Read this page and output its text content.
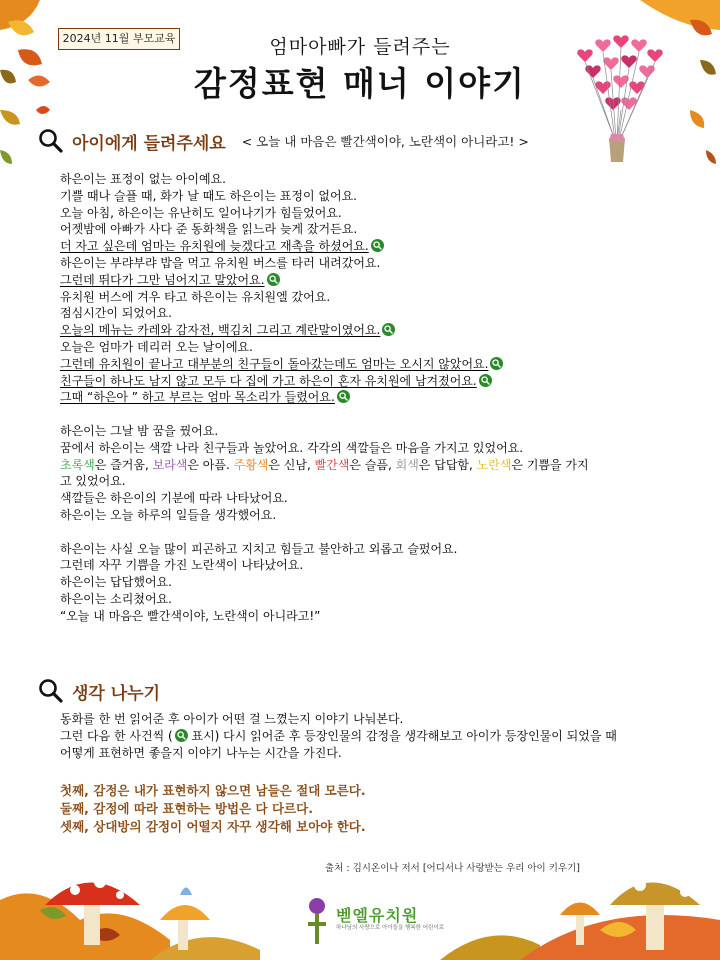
2024년 11월 부모교육	엄마아빠가 들려주는
감정표현 매너 이야기
아이에게 들려주세요 < 오늘 내 마음은 빨간색이야, 노란색이 아니라고! >
하은이는 표정이 없는 아이예요.
기쁠 때나 슬플 때, 화가 날 때도 하은이는 표정이 없어요.
오늘 아침, 하은이는 유난히도 일어나기가 힘들었어요.
어젯밤에 아빠가 사다 준 동화책을 읽느라 늦게 잤거든요.
더 자고 싶은데 엄마는 유치원에 늦겠다고 재촉을 하셨어요.
하은이는 부랴부랴 밥을 먹고 유치원 버스를 타러 내려갔어요.
그런데 뛰다가 그만 넘어지고 말았어요.
유치원 버스에 겨우 타고 하은이는 유치원엘 갔어요.
점심시간이 되었어요.
오늘의 메뉴는 카레와 감자전, 백김치 그리고 계란말이였어요.
오늘은 엄마가 데리러 오는 날이에요.
그런데 유치원이 끝나고 대부분의 친구들이 돌아갔는데도 엄마는 오시지 않았어요.
친구들이 하나도 남지 않고 모두 다 집에 가고 하은이 혼자 유치원에 남겨졌어요.
그때 “하은아 ” 하고 부르는 엄마 목소리가 들렸어요.
하은이는 그날 밤 꿈을 꿨어요.
꿈에서 하은이는 색깔 나라 친구들과 놀았어요. 각각의 색깔들은 마음을 가지고 있었어요.
초록색은 즐거움, 보라색은 아픔. 주황색은 신남, 빨간색은 슬픔, 회색은 답답함, 노란색은 기쁨을 가지
고 있었어요.
색깔들은 하은이의 기분에 따라 나타났어요.
하은이는 오늘 하루의 일들을 생각했어요.
하은이는 사실 오늘 많이 피곤하고 지치고 힘들고 불안하고 외롭고 슬펐어요.
그런데 자꾸 기쁨을 가진 노란색이 나타났어요.
하은이는 답답했어요.
하은이는 소리쳤어요.
“오늘 내 마음은 빨간색이야, 노란색이 아니라고!”
생각 나누기
동화를 한 번 읽어준 후 아이가 어떤 걸 느꼈는지 이야기 나눠본다.
그런 다음 한 사건씩 ( 표시) 다시 읽어준 후 등장인물의 감정을 생각해보고 아이가 등장인물이 되었을 때
어떻게 표현하면 좋을지 이야기 나누는 시간을 가진다.
첫째, 감정은 내가 표현하지 않으면 남들은 절대 모른다.
둘째, 감정에 따라 표현하는 방법은 다 다르다.
셋째, 상대방의 감정이 어떨지 자꾸 생각해 보아야 한다.
출처 : 김시온이나 저서 [어디서나 사랑받는 우리 아이 키우기]
벧엘유치원
하나님의 사랑으로 아이들을 행복한 어린이로
